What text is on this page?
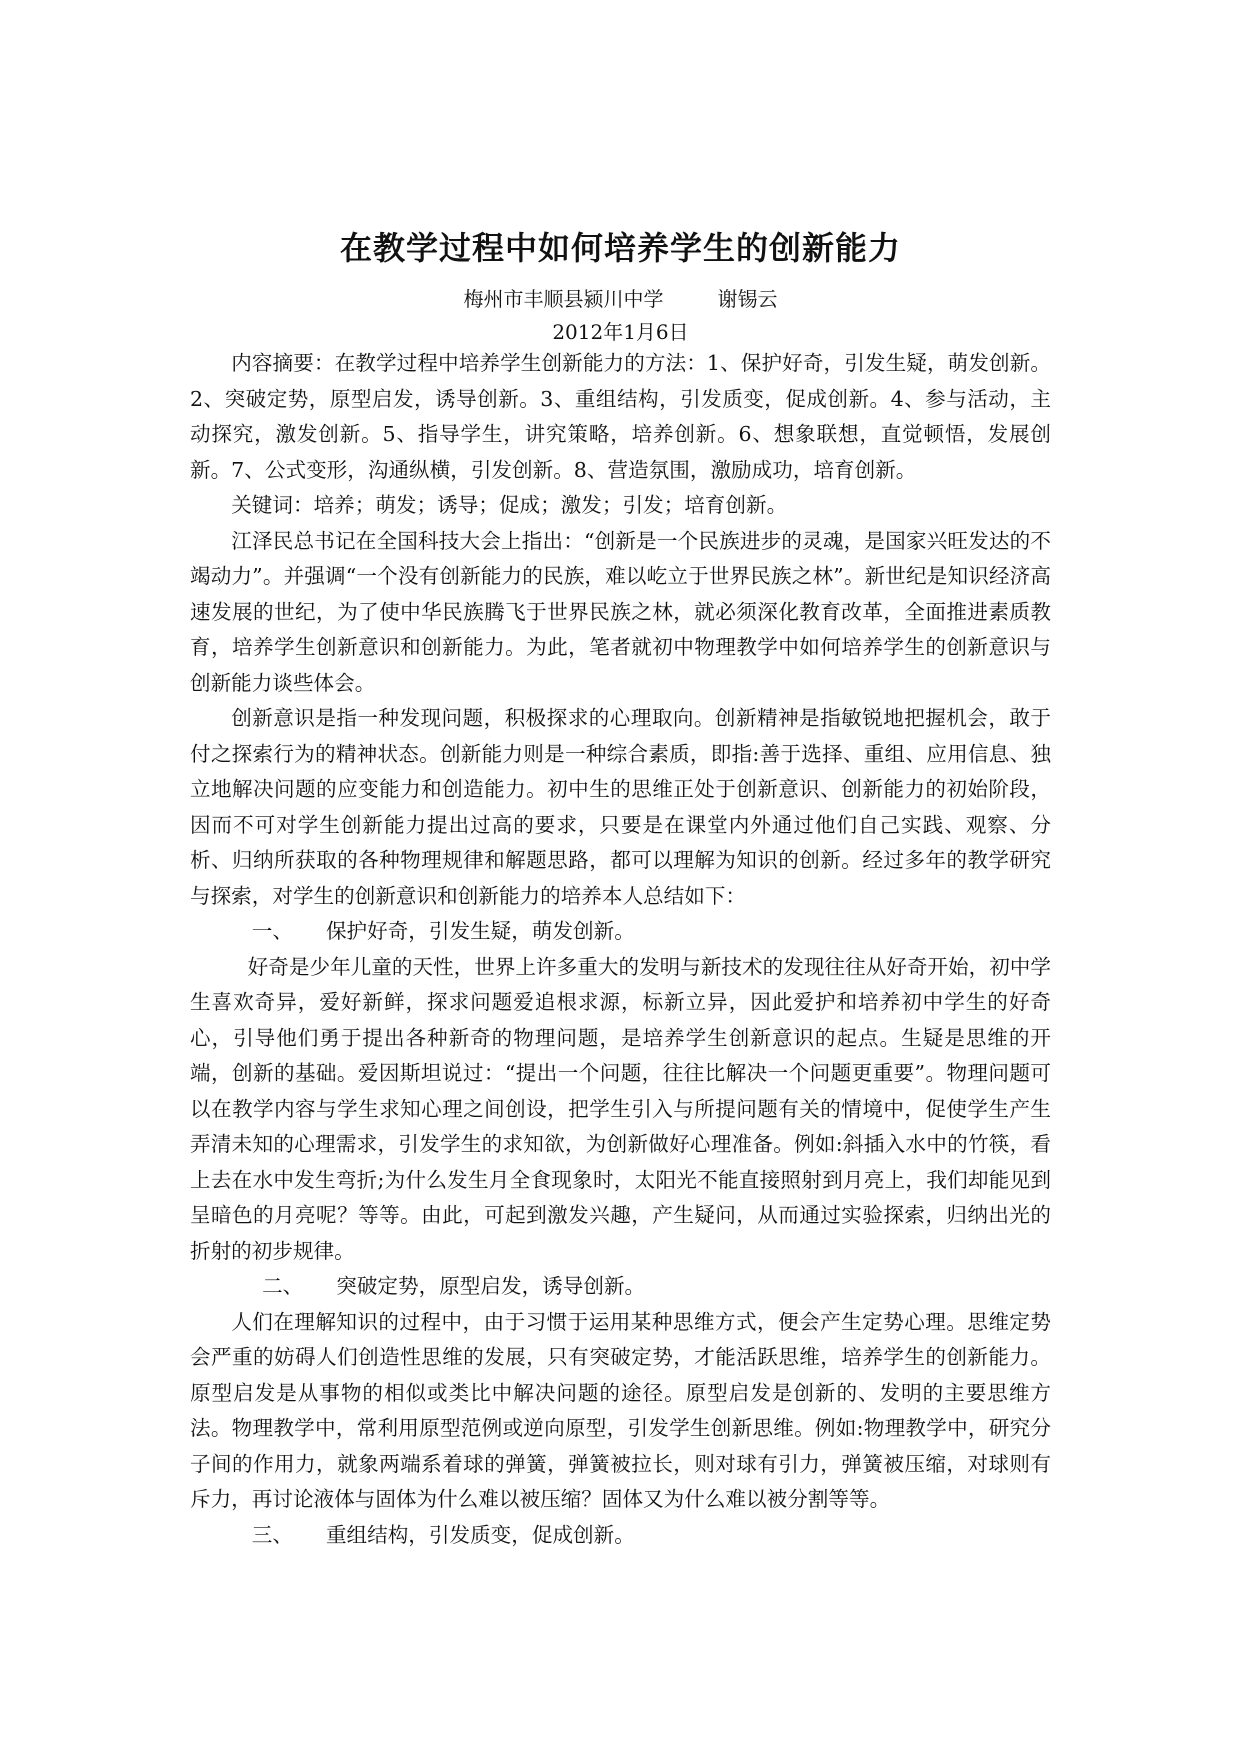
在教学过程中如何培养学生的创新能力
梅州市丰顺县颍川中学	谢锡云
2012年1月6日

内容摘要：在教学过程中培养学生创新能力的方法：1、保护好奇，引发生疑，萌发创新。2、突破定势，原型启发，诱导创新。3、重组结构，引发质变，促成创新。4、参与活动，主动探究，激发创新。5、指导学生，讲究策略，培养创新。6、想象联想，直觉顿悟，发展创新。7、公式变形，沟通纵横，引发创新。8、营造氛围，激励成功，培育创新。

关键词：培养；萌发；诱导；促成；激发；引发；培育创新。

江泽民总书记在全国科技大会上指出：“创新是一个民族进步的灵魂，是国家兴旺发达的不竭动力”。并强调“一个没有创新能力的民族，难以屹立于世界民族之林”。新世纪是知识经济高速发展的世纪，为了使中华民族腾飞于世界民族之林，就必须深化教育改革，全面推进素质教育，培养学生创新意识和创新能力。为此，笔者就初中物理教学中如何培养学生的创新意识与创新能力谈些体会。

创新意识是指一种发现问题，积极探求的心理取向。创新精神是指敏锐地把握机会，敢于付之探索行为的精神状态。创新能力则是一种综合素质，即指:善于选择、重组、应用信息、独立地解决问题的应变能力和创造能力。初中生的思维正处于创新意识、创新能力的初始阶段，因而不可对学生创新能力提出过高的要求，只要是在课堂内外通过他们自己实践、观察、分析、归纳所获取的各种物理规律和解题思路，都可以理解为知识的创新。经过多年的教学研究与探索，对学生的创新意识和创新能力的培养本人总结如下：

一、 保护好奇，引发生疑，萌发创新。

好奇是少年儿童的天性，世界上许多重大的发明与新技术的发现往往从好奇开始，初中学生喜欢奇异，爱好新鲜，探求问题爱追根求源，标新立异，因此爱护和培养初中学生的好奇心，引导他们勇于提出各种新奇的物理问题，是培养学生创新意识的起点。生疑是思维的开端，创新的基础。爱因斯坦说过：“提出一个问题，往往比解决一个问题更重要”。物理问题可以在教学内容与学生求知心理之间创设，把学生引入与所提问题有关的情境中，促使学生产生弄清未知的心理需求，引发学生的求知欲，为创新做好心理准备。例如:斜插入水中的竹筷，看上去在水中发生弯折;为什么发生月全食现象时，太阳光不能直接照射到月亮上，我们却能见到呈暗色的月亮呢？等等。由此，可起到激发兴趣，产生疑问，从而通过实验探索，归纳出光的折射的初步规律。

二、 突破定势，原型启发，诱导创新。

人们在理解知识的过程中，由于习惯于运用某种思维方式，便会产生定势心理。思维定势会严重的妨碍人们创造性思维的发展，只有突破定势，才能活跃思维，培养学生的创新能力。原型启发是从事物的相似或类比中解决问题的途径。原型启发是创新的、发明的主要思维方法。物理教学中，常利用原型范例或逆向原型，引发学生创新思维。例如:物理教学中，研究分子间的作用力，就象两端系着球的弹簧，弹簧被拉长，则对球有引力，弹簧被压缩，对球则有斥力，再讨论液体与固体为什么难以被压缩？固体又为什么难以被分割等等。

三、 重组结构，引发质变，促成创新。
